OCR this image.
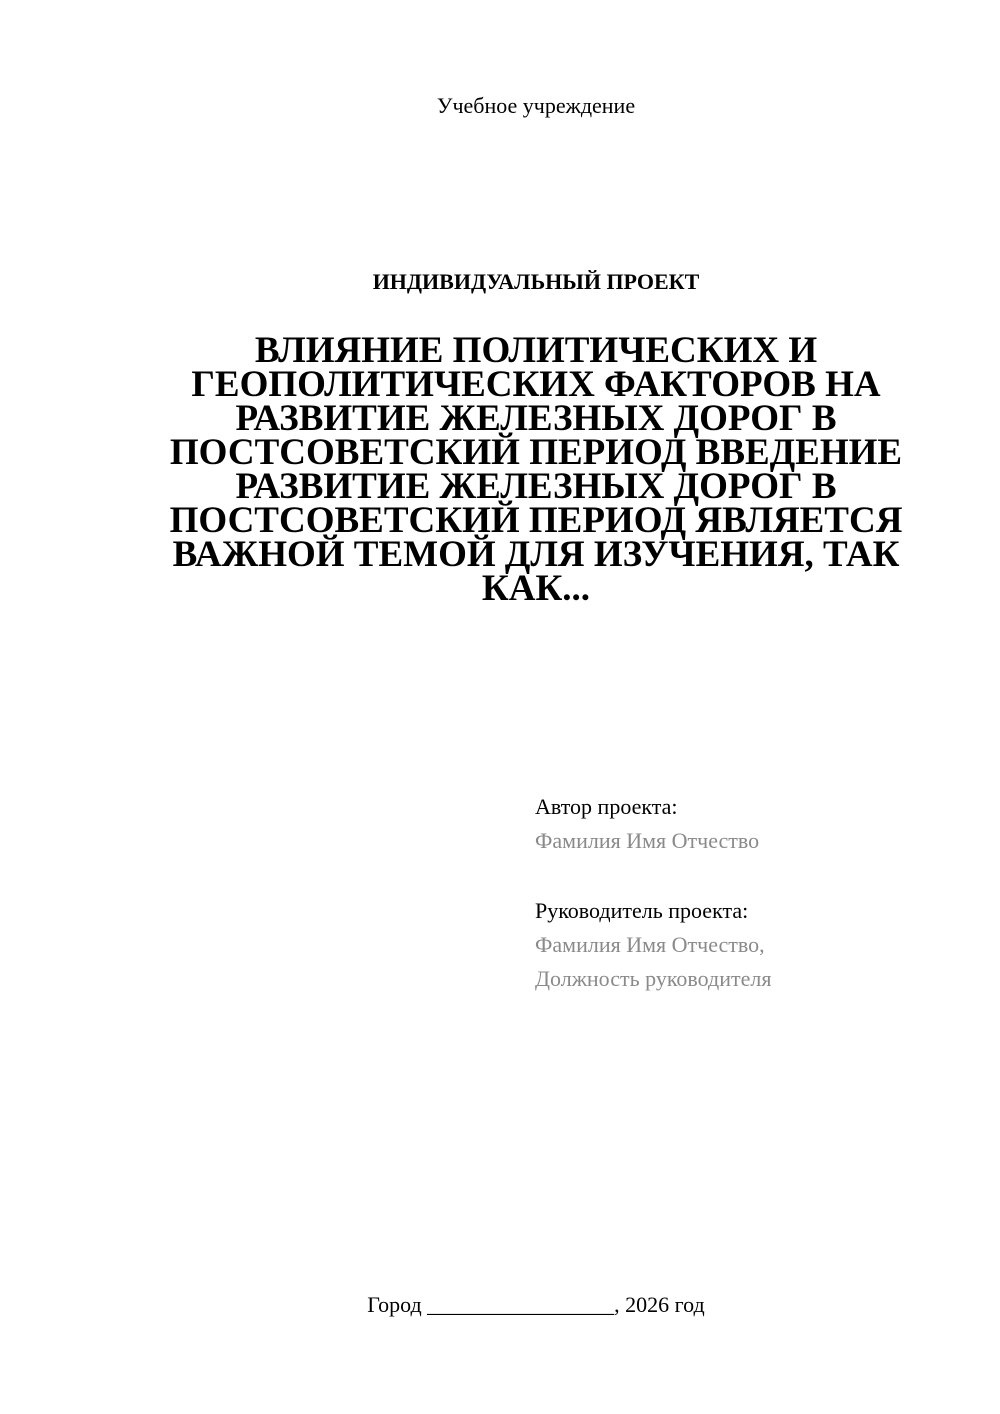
Учебное учреждение
ИНДИВИДУАЛЬНЫЙ ПРОЕКТ
ВЛИЯНИЕ ПОЛИТИЧЕСКИХ И ГЕОПОЛИТИЧЕСКИХ ФАКТОРОВ НА РАЗВИТИЕ ЖЕЛЕЗНЫХ ДОРОГ В ПОСТСОВЕТСКИЙ ПЕРИОД ВВЕДЕНИЕ РАЗВИТИЕ ЖЕЛЕЗНЫХ ДОРОГ В ПОСТСОВЕТСКИЙ ПЕРИОД ЯВЛЯЕТСЯ ВАЖНОЙ ТЕМОЙ ДЛЯ ИЗУЧЕНИЯ, ТАК КАК...
Автор проекта:
Фамилия Имя Отчество
Руководитель проекта:
Фамилия Имя Отчество,
Должность руководителя
Город _________________, 2026 год
